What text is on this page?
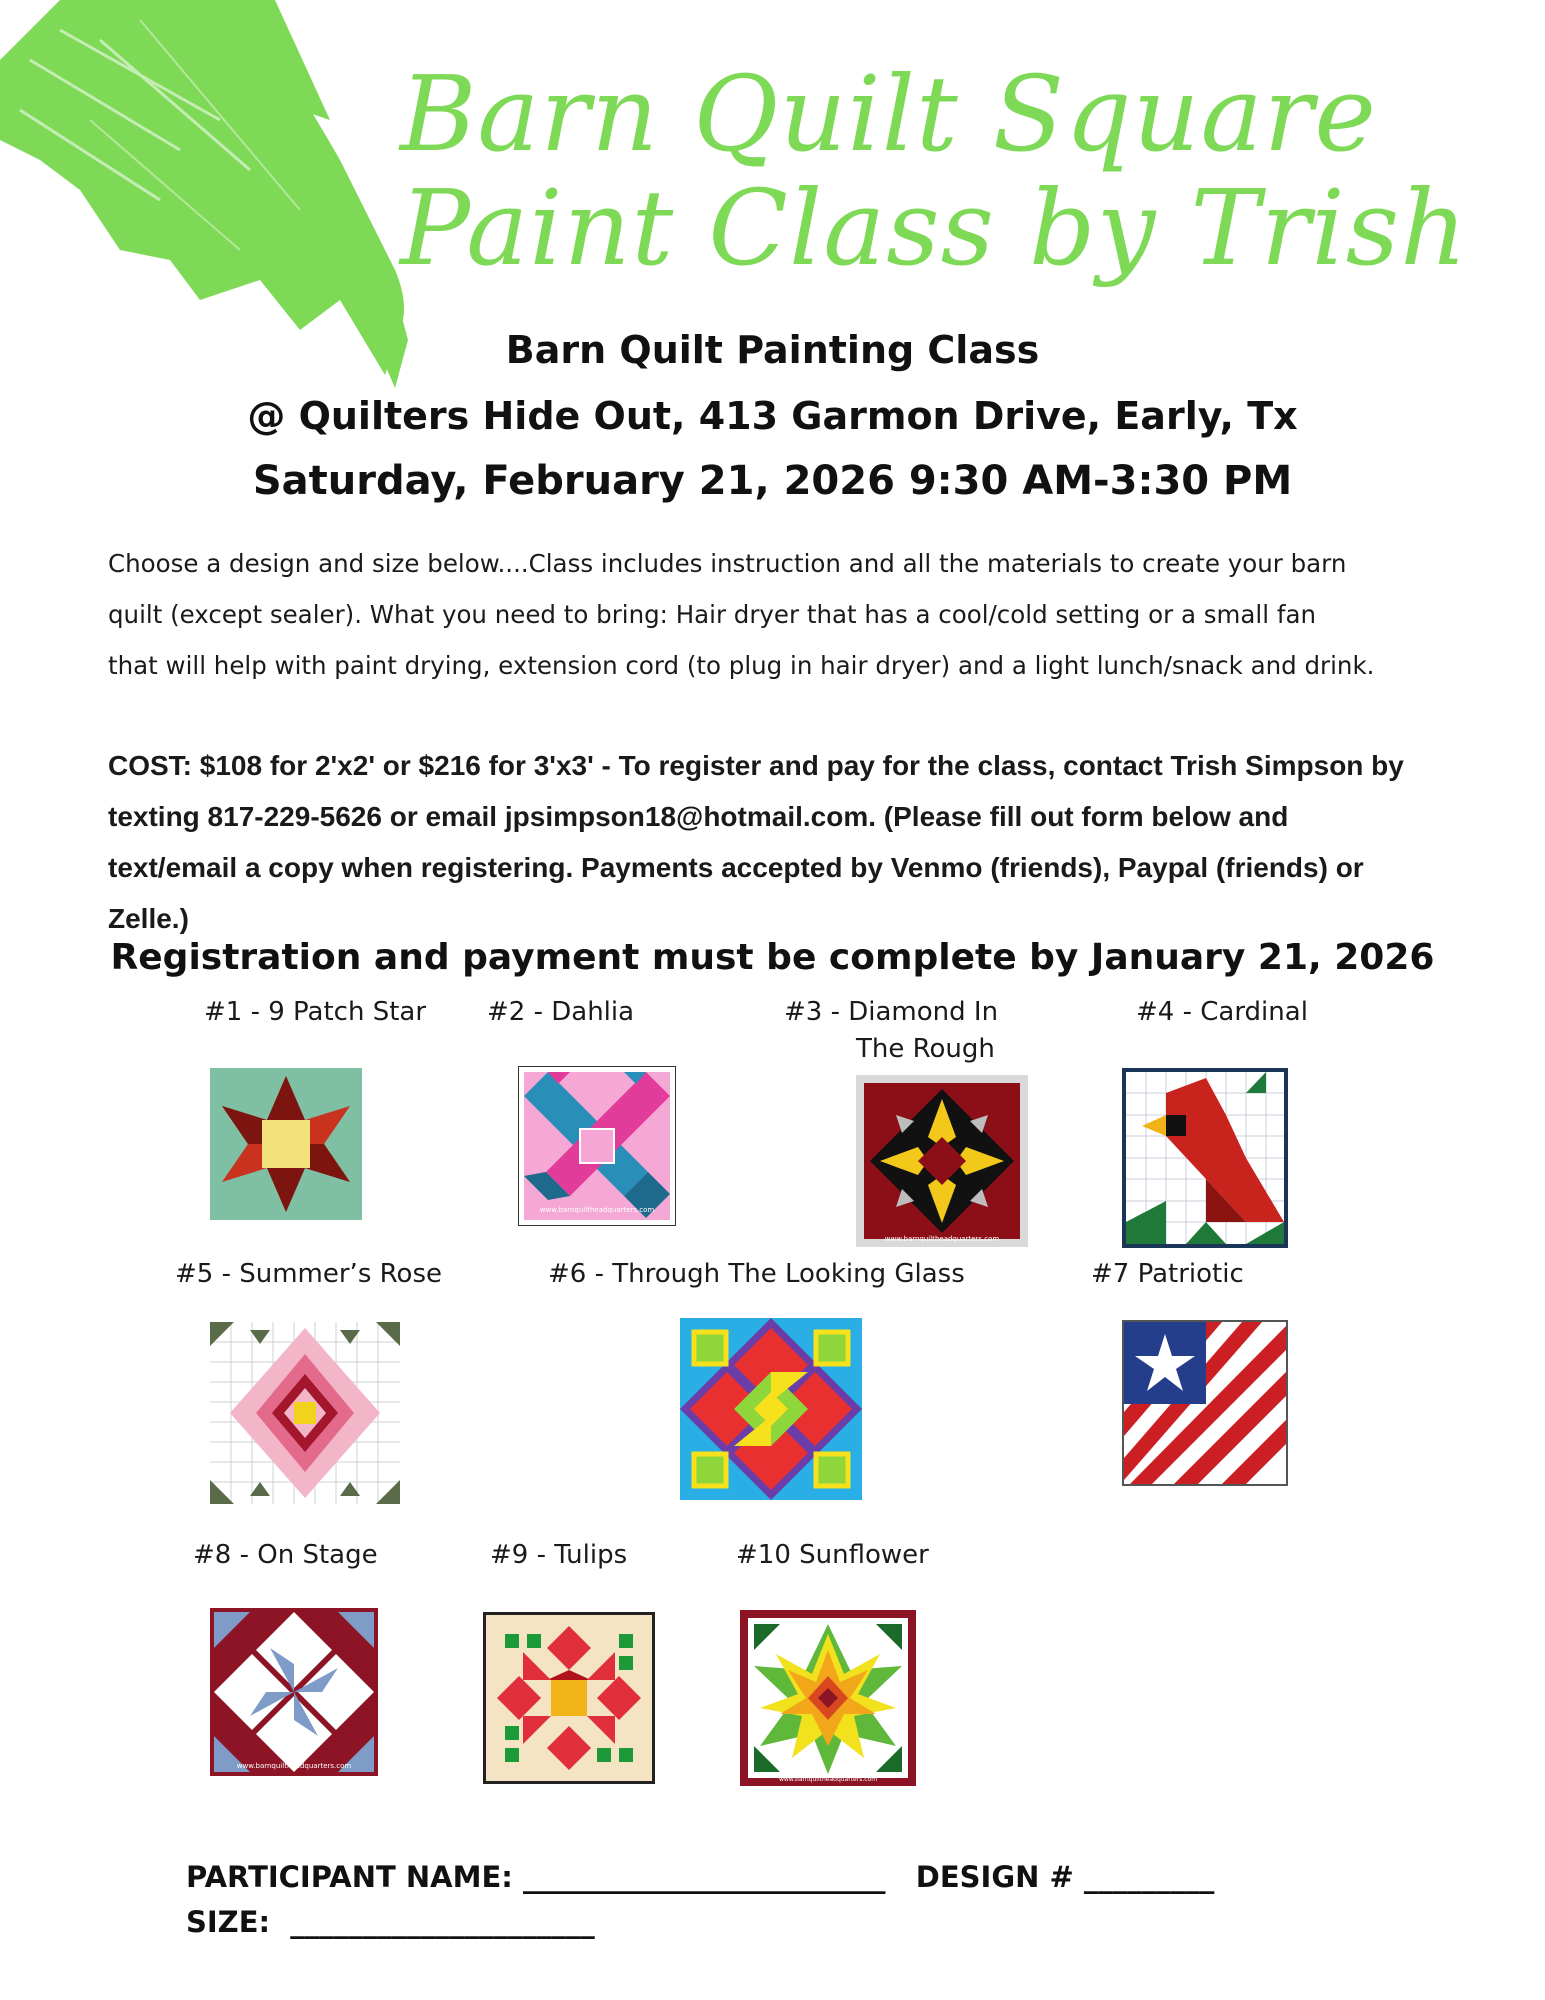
Barn Quilt Square
Paint Class by Trish
Barn Quilt Painting Class
@ Quilters Hide Out, 413 Garmon Drive, Early, Tx
Saturday, February 21, 2026 9:30 AM-3:30 PM
Choose a design and size below....Class includes instruction and all the materials to create your barn
quilt (except sealer). What you need to bring: Hair dryer that has a cool/cold setting or a small fan
that will help with paint drying, extension cord (to plug in hair dryer) and a light lunch/snack and drink.
COST: $108 for 2'x2' or $216 for 3'x3' - To register and pay for the class, contact Trish Simpson by
texting 817-229-5626 or email jpsimpson18@hotmail.com. (Please fill out form below and
text/email a copy when registering. Payments accepted by Venmo (friends), Paypal (friends) or
Zelle.)
Registration and payment must be complete by January 21, 2026
#1 - 9 Patch Star #2 - Dahlia	#3 - Diamond In
The Rough
#4 - Cardinal
www.barnquiltheadquarters.com
www.barnquiltheadquarters.com
#5 - Summer’s Rose	#6 - Through The Looking Glass	#7 Patriotic
#8 - On Stage	#9 - Tulips	#10 Sunflower
www.barnquiltheadquarters.com
www.barnquiltheadquarters.com
PARTICIPANT NAME: _________________________   DESIGN # _________
SIZE:  _____________________
